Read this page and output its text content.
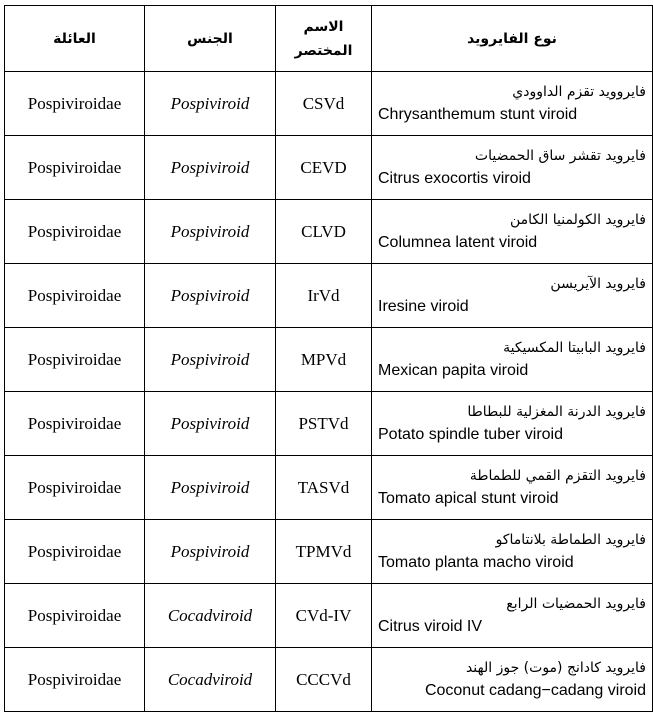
العائلة	الجنس	الاسم
المختصر	نوع الفايرويد
Pospiviroidae	Pospiviroid	CSVd	فايروويد تقزم الداوودي
Chrysanthemum stunt viroid

Pospiviroidae	Pospiviroid	CEVD	فايرويد تقشر ساق الحمضيات
Citrus exocortis viroid

Pospiviroidae	Pospiviroid	CLVD	فايرويد الكولمنيا الكامن
Columnea latent viroid

Pospiviroidae	Pospiviroid	IrVd	فايرويد الآيريسن
Iresine viroid

Pospiviroidae	Pospiviroid	MPVd	فايرويد البابيتا المكسيكية
Mexican papita viroid

Pospiviroidae	Pospiviroid	PSTVd	فايرويد الدرنة المغزلية للبطاطا
Potato spindle tuber viroid

Pospiviroidae	Pospiviroid	TASVd	فايرويد التقزم القمي للطماطة
Tomato apical stunt viroid

Pospiviroidae	Pospiviroid	TPMVd	فايرويد الطماطة بلانتاماكو
Tomato planta macho viroid

Pospiviroidae	Cocadviroid	CVd-IV	فايرويد الحمضيات الرابع
Citrus viroid IV

Pospiviroidae	Cocadviroid	CCCVd	فايرويد كادانج (موت) جوز الهند
Coconut cadang−cadang viroid
